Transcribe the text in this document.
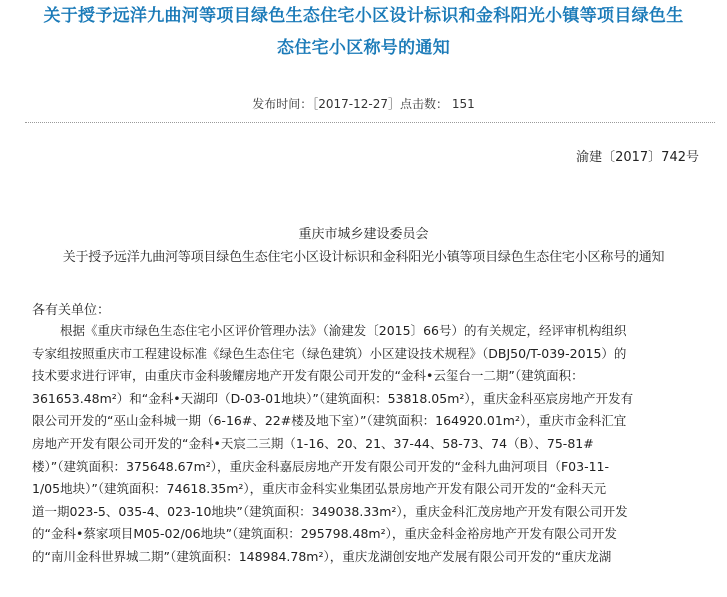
关于授予远洋九曲河等项目绿色生态住宅小区设计标识和金科阳光小镇等项目绿色生
态住宅小区称号的通知
发布时间：［2017-12-27］点击数： 151
渝建〔2017〕742号
重庆市城乡建设委员会
关于授予远洋九曲河等项目绿色生态住宅小区设计标识和金科阳光小镇等项目绿色生态住宅小区称号的通知
各有关单位：
根据《重庆市绿色生态住宅小区评价管理办法》（渝建发〔2015〕66号）的有关规定，经评审机构组织
专家组按照重庆市工程建设标准《绿色生态住宅（绿色建筑）小区建设技术规程》（DBJ50/T-039-2015）的
技术要求进行评审，由重庆市金科骏耀房地产开发有限公司开发的“金科•云玺台一二期”（建筑面积：
361653.48m²）和“金科•天湖印（D-03-01地块）”（建筑面积：53818.05m²），重庆金科巫宸房地产开发有
限公司开发的“巫山金科城一期（6-16#、22#楼及地下室）”（建筑面积：164920.01m²），重庆市金科汇宜
房地产开发有限公司开发的“金科•天宸二三期（1-16、20、21、37-44、58-73、74（B）、75-81#
楼）”（建筑面积：375648.67m²），重庆金科嘉辰房地产开发有限公司开发的“金科九曲河项目（F03-11-
1/05地块）”（建筑面积：74618.35m²），重庆市金科实业集团弘景房地产开发有限公司开发的“金科天元
道一期023-5、035-4、023-10地块”（建筑面积：349038.33m²），重庆金科汇茂房地产开发有限公司开发
的“金科•蔡家项目M05-02/06地块”（建筑面积：295798.48m²），重庆金科金裕房地产开发有限公司开发
的“南川金科世界城二期”（建筑面积：148984.78m²），重庆龙湖创安地产发展有限公司开发的“重庆龙湖
